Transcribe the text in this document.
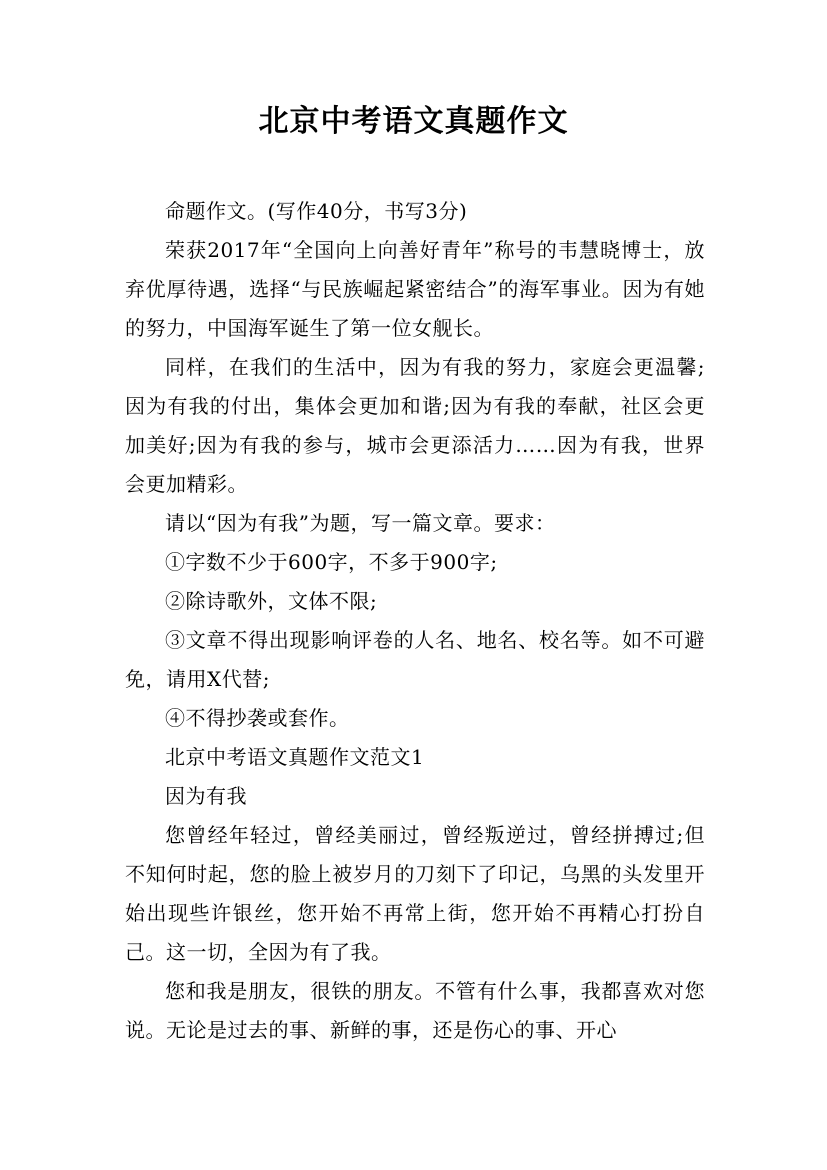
北京中考语文真题作文

命题作文。(写作40分，书写3分)

荣获2017年“全国向上向善好青年”称号的韦慧晓博士，放弃优厚待遇，选择“与民族崛起紧密结合”的海军事业。因为有她的努力，中国海军诞生了第一位女舰长。

同样，在我们的生活中，因为有我的努力，家庭会更温馨;因为有我的付出，集体会更加和谐;因为有我的奉献，社区会更加美好;因为有我的参与，城市会更添活力……因为有我，世界会更加精彩。

请以“因为有我”为题，写一篇文章。要求：

①字数不少于600字，不多于900字;

②除诗歌外，文体不限;

③文章不得出现影响评卷的人名、地名、校名等。如不可避免，请用X代替;

④不得抄袭或套作。

北京中考语文真题作文范文1

因为有我

您曾经年轻过，曾经美丽过，曾经叛逆过，曾经拼搏过;但不知何时起，您的脸上被岁月的刀刻下了印记，乌黑的头发里开始出现些许银丝，您开始不再常上街，您开始不再精心打扮自己。这一切，全因为有了我。

您和我是朋友，很铁的朋友。不管有什么事，我都喜欢对您说。无论是过去的事、新鲜的事，还是伤心的事、开心
